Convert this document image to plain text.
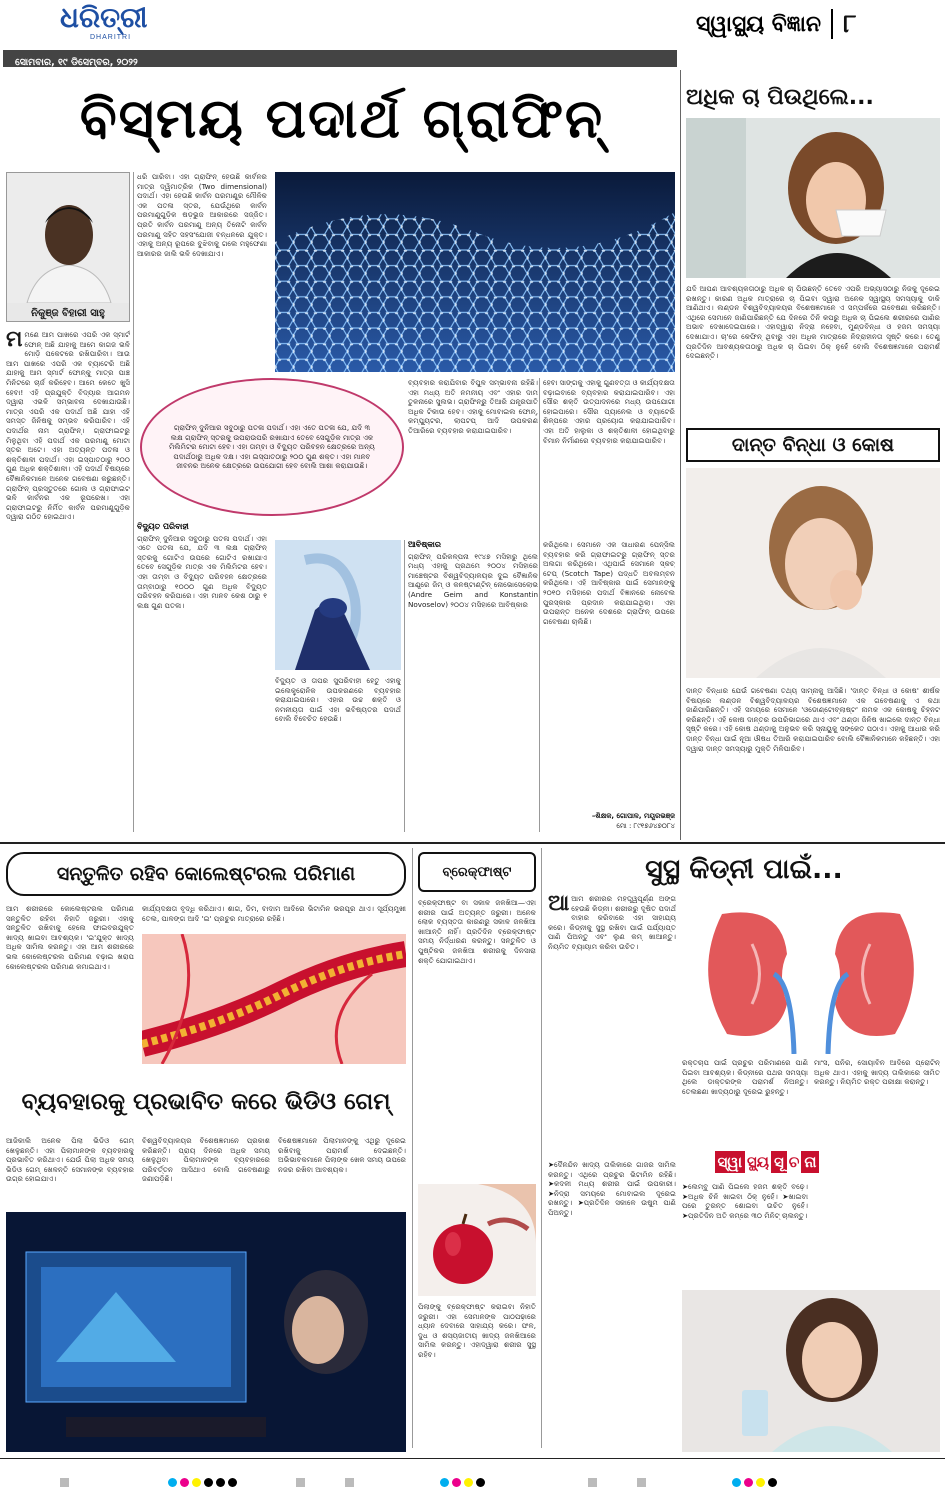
ଧରିତ୍ରୀ
DHARITRI
ସ୍ୱାସ୍ଥ୍ୟ ବିଜ୍ଞାନ ୮
ସୋମବାର, ୧୯ ଡିସେମ୍ବର, ୨୦୨୨
ବିସ୍ମୟ ପଦାର୍ଥ ଗ୍ରାଫିନ୍
ନିକୁଞ୍ଜ ବିହାରୀ ସାହୁ
ମମଣେ ଆମ ପାଖରେ ଏପରି ଏକ ସ୍ମାର୍ଟ ଫୋନ୍ ଅଛି ଯାହାକୁ ଆମେ କାଗଜ ଭଳି ମୋଡ଼ି ପକେଟରେ ରଖିପାରିବା। ଆଉ ଆମ ପାଖରେ ଏପରି ଏକ ବ୍ୟାଟେରି ଅଛି ଯାହାକୁ ଆମ ସ୍ମାର୍ଟ ଫୋନ୍‌କୁ ମାତ୍ର ପାଞ୍ଚ ମିନିଟରେ ଚାର୍ଜ କରିହେବ। ଆମେ କେତେ ଖୁସି ହେବା! ଏହି ପ୍ରଯୁକ୍ତି ବିଦ୍ୟାର ଆଗମନ ଦ୍ୱାରା ଏଭଳି ସମ୍ଭାବନା ଦେଖାଯାଉଛି। ମାତ୍ର ଏପରି ଏକ ପଦାର୍ଥ ଅଛି ଯାହା ଏହି ସମସ୍ତ ଜିନିଷକୁ ସମ୍ଭବ କରିପାରିବ। ଏହି ପଦାର୍ଥର ନାମ ଗ୍ରାଫିନ୍। ଗ୍ରାଫାଇଟରୁ ମିଳୁଥିବା ଏହି ପଦାର୍ଥ ଏକ ପରମାଣୁ ମୋଟା ସ୍ତର ଅଟେ। ଏହା ଅତ୍ୟନ୍ତ ପତଳା ଓ ଶକ୍ତିଶାଳୀ ପଦାର୍ଥ। ଏହା ଇସ୍ପାତଠାରୁ ୨୦୦ ଗୁଣ ଅଧିକ ଶକ୍ତିଶାଳୀ। ଏହି ପଦାର୍ଥ ବିଷୟରେ ବୈଜ୍ଞାନିକମାନେ ଅନେକ ଗବେଷଣା କରୁଛନ୍ତି। ଗ୍ରାଫିନ୍ ପ୍ରସ୍ତୁତରେ ଗୋଲ ଓ ଗ୍ରାଫାଇଟ ଭଳି କାର୍ବନର ଏକ ରୂପରେଖ। ଏହା ଗ୍ରାଫାଇଟରୁ ନିର୍ମିତ କାର୍ବନ ପରମାଣୁଗୁଡ଼ିକ ଦ୍ୱାରା ଗଠିତ ହୋଇଥାଏ।
ଧରି ପାରିବା। ଏହା ଗ୍ରାଫିନ୍ ହେଉଛି କାର୍ବନର ମାତ୍ର ଦ୍ୱିମାତ୍ରିକ (Two dimensional) ପଦାର୍ଥ। ଏହା ହେଉଛି କାର୍ବନ ପରମାଣୁର ମୌଳିକ ଏକ ପତଳା ସ୍ତର, ଯେଉଁଥିରେ କାର୍ବନ ପରମାଣୁଗୁଡ଼ିକ ଷଡ଼ଭୁଜ ଆକାରରେ ସଜ୍ଜିତ। ପ୍ରତି କାର୍ବନ ପରମାଣୁ ଅନ୍ୟ ତିନୋଟି କାର୍ବନ ପରମାଣୁ ସହିତ ସହସଂଯୋଜୀ ବନ୍ଧନରେ ଯୁକ୍ତ। ଏହାକୁ ଅନ୍ୟ ରୂପରେ ବୁଝିବାକୁ ଗଲେ ମହୁଫେଣା ଆକାରର ଜାଲି ଭଳି ଦେଖାଯାଏ।
ଗ୍ରାଫିନ୍ ଦୁନିଆର ସବୁଠାରୁ ପତଳା ପଦାର୍ଥ। ଏହା ଏତେ ପତଳା ଯେ, ଯଦି ୩ ଲକ୍ଷ ଗ୍ରାଫିନ୍ ସ୍ତରକୁ ଉପରାଉପରି ରଖାଯାଏ ତେବେ ସେଗୁଡ଼ିକ ମାତ୍ର ଏକ ମିଲିମିଟର ମୋଟା ହେବ। ଏହା ତାମ୍ବା ଓ ବିଦ୍ୟୁତ ପରିବହନ କ୍ଷେତ୍ରରେ ଅନ୍ୟ ପଦାର୍ଥଠାରୁ ଅଧିକ ଦକ୍ଷ। ଏହା ଇସ୍ପାତଠାରୁ ୨୦୦ ଗୁଣ ଶକ୍ତ। ଏହା ମାନବ ଜୀବନର ଅନେକ କ୍ଷେତ୍ରରେ ଉପଯୋଗୀ ହେବ ବୋଲି ଆଶା କରାଯାଉଛି।
ବିଦ୍ୟୁତ ପରିବାହୀ
ଗ୍ରାଫିନ୍ ଦୁନିଆର ସବୁଠାରୁ ପତଳା ପଦାର୍ଥ। ଏହା ଏତେ ପତଳା ଯେ, ଯଦି ୩ ଲକ୍ଷ ଗ୍ରାଫିନ୍ ସ୍ତରକୁ ଗୋଟିଏ ଉପରେ ଗୋଟିଏ ରଖାଯାଏ ତେବେ ସେଗୁଡ଼ିକ ମାତ୍ର ଏକ ମିଲିମିଟର ହେବ। ଏହା ତାମ୍ବା ଓ ବିଦ୍ୟୁତ ପରିବହନ କ୍ଷେତ୍ରରେ ତାମ୍ବାଠାରୁ ୧୦୦୦ ଗୁଣ ଅଧିକ ବିଦ୍ୟୁତ ପରିବହନ କରିପାରେ। ଏହା ମାନବ କେଶ ଠାରୁ ୧ ଲକ୍ଷ ଗୁଣ ପତଳା।
ବ୍ୟବହାର କରାଯିବାର ବିପୁଳ ସମ୍ଭାବନା ରହିଛି। ଏହା ମଧ୍ୟ ଅତି ନମନୀୟ ଏବଂ ଏହାର ଦାମ ତୁଳନାରେ ସୁଲଭ। ଗ୍ରାଫିନ୍‌ରୁ ତିଆରି ଯନ୍ତ୍ରପାତି ଅଧିକ ଟିକାଉ ହେବ। ଏହାକୁ ମୋବାଇଲ ଫୋନ୍, କମ୍ପ୍ୟୁଟର, ଲାପଟପ୍ ଆଦି ଉପକରଣ ତିଆରିରେ ବ୍ୟବହାର କରାଯାଇପାରିବ।
ହେବା ସାଙ୍ଗକୁ ଏହାକୁ ଗୁଣବତ୍ତା ଓ କାର୍ଯ୍ୟଦକ୍ଷତା ବଢ଼ାଇବାରେ ବ୍ୟବହାର କରାଯାଇପାରିବ। ଏହା ସୌର ଶକ୍ତି ଉତ୍ପାଦନରେ ମଧ୍ୟ ଉପଯୋଗୀ ହୋଇପାରେ। ସୌର ପ୍ୟାନେଲ ଓ ବ୍ୟାଟେରି ଶିଳ୍ପରେ ଏହାର ପ୍ରୟୋଗ କରାଯାଇପାରିବ। ଏହା ଅତି ହାଲୁକା ଓ ଶକ୍ତିଶାଳୀ ହୋଇଥିବାରୁ ବିମାନ ନିର୍ମାଣରେ ବ୍ୟବହାର କରାଯାଇପାରିବ।
ବିଦ୍ୟୁତ ଓ ତାପର ସୁପରିବାହୀ ହେତୁ ଏହାକୁ ଇଲେକ୍ଟ୍ରୋନିକ ଉପକରଣରେ ବ୍ୟବହାର କରାଯାଇପାରେ। ଏହାର ଉଚ୍ଚ ଶକ୍ତି ଓ ନମନୀୟତା ପାଇଁ ଏହା ଭବିଷ୍ୟତର ପଦାର୍ଥ ବୋଲି ବିବେଚିତ ହେଉଛି।
ଆବିଷ୍କାର
ଗ୍ରାଫିନ୍ ପରିକଳ୍ପନା ୧୯୪୭ ମସିହାରୁ ଥିଲେ ମଧ୍ୟ ଏହାକୁ ପ୍ରଥମେ ୨୦୦୪ ମସିହାରେ ମାଞ୍ଚେଷ୍ଟର ବିଶ୍ୱବିଦ୍ୟାଳୟର ଦୁଇ ବୈଜ୍ଞାନିକ ଆଣ୍ଡ୍ରେ ଜିମ୍ ଓ କନଷ୍ଟାଣ୍ଟିନ୍ ନୋଭୋସେଲୋଭ (Andre Geim and Konstantin Novoselov) ୨୦୦୪ ମସିହାରେ ଆବିଷ୍କାର
କରିଥିଲେ। ସେମାନେ ଏକ ସାଧାରଣ ପେନ୍ସିଲ ବ୍ୟବହାର କରି ଗ୍ରାଫାଇଟରୁ ଗ୍ରାଫିନ୍ ସ୍ତର ଅଲଗା କରିଥିଲେ। ଏଥିପାଇଁ ସେମାନେ ସ୍କଚ୍ ଟେପ୍ (Scotch Tape) ପଦ୍ଧତି ଅବଲମ୍ବନ କରିଥିଲେ। ଏହି ଆବିଷ୍କାର ପାଇଁ ସେମାନଙ୍କୁ ୨୦୧୦ ମସିହାରେ ପଦାର୍ଥ ବିଜ୍ଞାନରେ ନୋବେଲ ପୁରସ୍କାର ପ୍ରଦାନ କରାଯାଇଥିଲା। ଏହା ଉପରାନ୍ତ ଅନେକ ଦେଶରେ ଗ୍ରାଫିନ୍ ଉପରେ ଗବେଷଣା ଚାଲିଛି।
–ଶିକ୍ଷକ, ଗୋପାଳ, ମୟୂରଭଞ୍ଜ
ମୋ : ୮୯୧୭୬୪୭୦୮୪
ଅଧିକ ଚା ପିଉଥିଲେ...
ଯଦି ଆପଣ ଆବଶ୍ୟକତାଠାରୁ ଅଧିକ ଚା ପିଉଛନ୍ତି ତେବେ ଏପରି ଅଭ୍ୟାସଠାରୁ ନିଜକୁ ଦୂରେଇ ରଖନ୍ତୁ। କାରଣ ଅଧିକ ମାତ୍ରାରେ ଚା ପିଇବା ଦ୍ୱାରା ଅନେକ ସ୍ୱାସ୍ଥ୍ୟ ସମସ୍ୟାକୁ ଡାକି ଆଣିଥାଏ। ଲଣ୍ଡନ ବିଶ୍ୱବିଦ୍ୟାଳୟର ବିଶେଷଜ୍ଞମାନେ ଏ ସମ୍ପର୍କରେ ଗବେଷଣା କରିଛନ୍ତି। ଏଥିରେ ସେମାନେ ଜାଣିପାରିଛନ୍ତି ଯେ ଦିନରେ ତିନି କପରୁ ଅଧିକ ଚା ପିଇଲେ ଶରୀରରେ ପାଣିର ଅଭାବ ଦେଖାଦେଇପାରେ। ଏହାଦ୍ୱାରା ନିଦ୍ରା ନହେବା, ମୁଣ୍ଡବିନ୍ଧା ଓ ହଜମ ସମସ୍ୟା ଦେଖାଯାଏ। ଚା'ରେ କେଫିନ୍ ଥିବାରୁ ଏହା ଅଧିକ ମାତ୍ରାରେ ନିଦ୍ରାହୀନତା ସୃଷ୍ଟି କରେ। ତେଣୁ ପ୍ରତିଦିନ ଆବଶ୍ୟକତାଠାରୁ ଅଧିକ ଚା ପିଇବା ଠିକ୍ ନୁହେଁ ବୋଲି ବିଶେଷଜ୍ଞମାନେ ପରାମର୍ଶ ଦେଇଛନ୍ତି।
ଦାନ୍ତ ବିନ୍ଧା ଓ କୋଷ
ଦାନ୍ତ ବିନ୍ଧାର ଯେଉଁ ଗବେଷଣା ତଥ୍ୟ ସାମ୍ନାକୁ ଆସିଛି। 'ଦାନ୍ତ ବିନ୍ଧା ଓ କୋଷ' ଶୀର୍ଷକ ବିଷୟରେ ଲଣ୍ଡନ ବିଶ୍ୱବିଦ୍ୟାଳୟର ବିଶେଷଜ୍ଞମାନେ ଏକ ଗବେଷଣାକୁ ଏ କଥା ଜାଣିପାରିଛନ୍ତି। ଏହି ସମୟରେ ସେମାନେ 'ଓଡୋଣ୍ଟୋବ୍ଲାଷ୍ଟ' ନାମକ ଏକ କୋଷକୁ ଚିହ୍ନଟ କରିଛନ୍ତି। ଏହି କୋଷ ଦାନ୍ତର ଉପରିଭାଗରେ ଥାଏ ଏବଂ ଥଣ୍ଡା ଜିନିଷ ଖାଇଲେ ଦାନ୍ତ ବିନ୍ଧା ସୃଷ୍ଟି କରେ। ଏହି କୋଷ ଥଣ୍ଡାକୁ ଅନୁଭବ କରି ସ୍ନାୟୁକୁ ସଙ୍କେତ ପଠାଏ। ଏହାକୁ ଆଧାର କରି ଦାନ୍ତ ବିନ୍ଧା ପାଇଁ ନୂଆ ଔଷଧ ତିଆରି କରାଯାଇପାରିବ ବୋଲି ବୈଜ୍ଞାନିକମାନେ କହିଛନ୍ତି। ଏହା ଦ୍ୱାରା ଦାନ୍ତ ସମସ୍ୟାରୁ ମୁକ୍ତି ମିଳିପାରିବ।
ସନ୍ତୁଳିତ ରହିବ କୋଲେଷ୍ଟରଲ ପରିମାଣ
ଆମ ଶରୀରରେ କୋଲେଷ୍ଟରଲ ପରିମାଣ ସନ୍ତୁଳିତ ରହିବା ନିହାତି ଜରୁରୀ। ଏହାକୁ ସନ୍ତୁଳିତ ରଖିବାକୁ ହେଲେ ଫାଇବରଯୁକ୍ତ ଖାଦ୍ୟ ଖାଇବା ଆବଶ୍ୟକ। 'ଇ'ଯୁକ୍ତ ଖାଦ୍ୟ ଅଧିକ ସାମିଲ କରନ୍ତୁ। ଏହା ଆମ ଶରୀରରେ ଭଲ କୋଲେଷ୍ଟରଲ ପରିମାଣ ବଢ଼ାଇ ଖରାପ କୋଲେଷ୍ଟରଲ ପରିମାଣ କମାଇଥାଏ।
କାର୍ଯ୍ୟଦକ୍ଷତା ବୃଦ୍ଧି କରିଥାଏ। ଶାଗ, ଡିମ, ବାଦାମ ଆଦିରେ ଭିଟାମିନ ଭରପୂର ଥାଏ। ସୂର୍ଯ୍ୟମୁଖୀ ତେଲ, ପାଳଙ୍ଗ ଆଦି 'ଇ' ପ୍ରଚୁର ମାତ୍ରାରେ ରହିଛି।
ବ୍ୟବହାରକୁ ପ୍ରଭାବିତ କରେ ଭିଡିଓ ଗେମ୍
ଆଜିକାଲି ଅନେକ ପିଲା ଭିଡିଓ ଗେମ୍ ଖେଳୁଛନ୍ତି। ଏହା ପିଲାମାନଙ୍କ ବ୍ୟବହାରକୁ ପ୍ରଭାବିତ କରିଥାଏ। ଯେଉଁ ପିଲା ଅଧିକ ସମୟ ଭିଡିଓ ଗେମ୍ ଖେଳନ୍ତି ସେମାନଙ୍କ ବ୍ୟବହାର ଉଗ୍ର ହୋଇଯାଏ।
ବିଶ୍ୱବିଦ୍ୟାଳୟର ବିଶେଷଜ୍ଞମାନେ ପ୍ରକାଶ କରିଛନ୍ତି। ପ୍ରାୟ ଦିନରେ ଅଧିକ ସମୟ ଖେଳୁଥିବା ପିଲାମାନଙ୍କ ବ୍ୟବହାରରେ ପରିବର୍ତ୍ତନ ଆସିଥାଏ ବୋଲି ଗବେଷଣାରୁ ଜଣାପଡ଼ିଛି।
ବିଶେଷଜ୍ଞମାନେ ପିଲାମାନଙ୍କୁ ଏଥିରୁ ଦୂରେଇ ରଖିବାକୁ ପରାମର୍ଶ ଦେଇଛନ୍ତି। ଅଭିଭାବକମାନେ ପିଲାଙ୍କ ଖେଳ ସମୟ ଉପରେ ନଜର ରଖିବା ଆବଶ୍ୟକ।
ବ୍ରେକ୍‌ଫାଷ୍ଟ
ବ୍ରେକ୍‌ଫାଷ୍ଟ ବା ସକାଳ ଜଳଖିଆ—ଏହା ଶରୀର ପାଇଁ ଅତ୍ୟନ୍ତ ଜରୁରୀ। ଅନେକ ଲୋକ ବ୍ୟସ୍ତତା କାରଣରୁ ସକାଳ ଜଳଖିଆ ଖାଆନ୍ତି ନାହିଁ। ପ୍ରତିଦିନ ବ୍ରେକ୍‌ଫାଷ୍ଟ ସମୟ ନିର୍ଦ୍ଧାରଣ କରନ୍ତୁ। ସନ୍ତୁଳିତ ଓ ପୁଷ୍ଟିକର ଜଳଖିଆ ଶରୀରକୁ ଦିନସାରା ଶକ୍ତି ଯୋଗାଇଥାଏ।
ପିଲାଙ୍କୁ ବ୍ରେକ୍‌ଫାଷ୍ଟ କରାଇବା ନିହାତି ଜରୁରୀ। ଏହା ସେମାନଙ୍କ ପାଠପଢ଼ାରେ ଧ୍ୟାନ ଦେବାରେ ସାହାଯ୍ୟ କରେ। ଫଳ, ଦୁଧ ଓ ଶସ୍ୟଜାତୀୟ ଖାଦ୍ୟ ଜଳଖିଆରେ ସାମିଲ କରନ୍ତୁ। ଏହାଦ୍ୱାରା ଶରୀର ସୁସ୍ଥ ରହିବ।
ସୁସ୍ଥ କିଡ୍‌ନୀ ପାଇଁ...
ଆଆମ ଶରୀରର ମହତ୍ତ୍ୱପୂର୍ଣ୍ଣ ଅଙ୍ଗ ହେଉଛି କିଡ୍‌ନୀ। ଶରୀରରୁ ଦୂଷିତ ପଦାର୍ଥ ବାହାର କରିବାରେ ଏହା ସାହାଯ୍ୟ କରେ। କିଡ୍‌ନୀକୁ ସୁସ୍ଥ ରଖିବା ପାଇଁ ପର୍ଯ୍ୟାପ୍ତ ପାଣି ପିଅନ୍ତୁ ଏବଂ ଲୁଣ କମ୍ ଖାଆନ୍ତୁ। ନିୟମିତ ବ୍ୟାୟାମ କରିବା ଉଚିତ।
ରକ୍ତଚାପ ପାଇଁ ପ୍ରଚୁର ପରିମାଣରେ ପାଣି ପିଇବା ଆବଶ୍ୟକ। କିଡ୍‌ନୀରେ ପଥର ସମସ୍ୟା ଥିଲେ ଡାକ୍ତରଙ୍କ ପରାମର୍ଶ ନିଅନ୍ତୁ। ତେଲଛଣା ଖାଦ୍ୟଠାରୁ ଦୂରେଇ ରୁହନ୍ତୁ।
ମାଂସ, ପନିର, ସୋୟାବିନ ଆଦିରେ ପ୍ରୋଟିନ୍ ଅଧିକ ଥାଏ। ଏହାକୁ ଖାଦ୍ୟ ତାଲିକାରେ ସୀମିତ କରନ୍ତୁ। ନିୟମିତ ରକ୍ତ ପରୀକ୍ଷା କରାନ୍ତୁ।
ସ୍ୱା ସ୍ଥ୍ୟ ସୂ ଚ ନା
➤ଦୈନନ୍ଦିନ ଖାଦ୍ୟ ତାଲିକାରେ ଗାଜର ସାମିଲ କରନ୍ତୁ। ଏଥିରେ ପ୍ରଚୁର ଭିଟାମିନ ରହିଛି। ➤କଦଳୀ ମଧ୍ୟ ଶରୀର ପାଇଁ ଉପକାରୀ। ➤ନିଦ୍ରା ସମୟରେ ମୋବାଇଲ ଦୂରେଇ ରଖନ୍ତୁ। ➤ପ୍ରତିଦିନ ସକାଳେ ଉଷୁମ ପାଣି ପିଅନ୍ତୁ।
➤ଲେମ୍ବୁ ପାଣି ପିଇଲେ ହଜମ ଶକ୍ତି ବଢ଼େ। ➤ଅଧିକ ଚିନି ଖାଇବା ଠିକ୍ ନୁହେଁ। ➤ଖାଇବା ପରେ ତୁରନ୍ତ ଶୋଇବା ଉଚିତ ନୁହେଁ। ➤ପ୍ରତିଦିନ ଅତି କମ୍‌ରେ ୩୦ ମିନିଟ୍ ଚାଲନ୍ତୁ।
